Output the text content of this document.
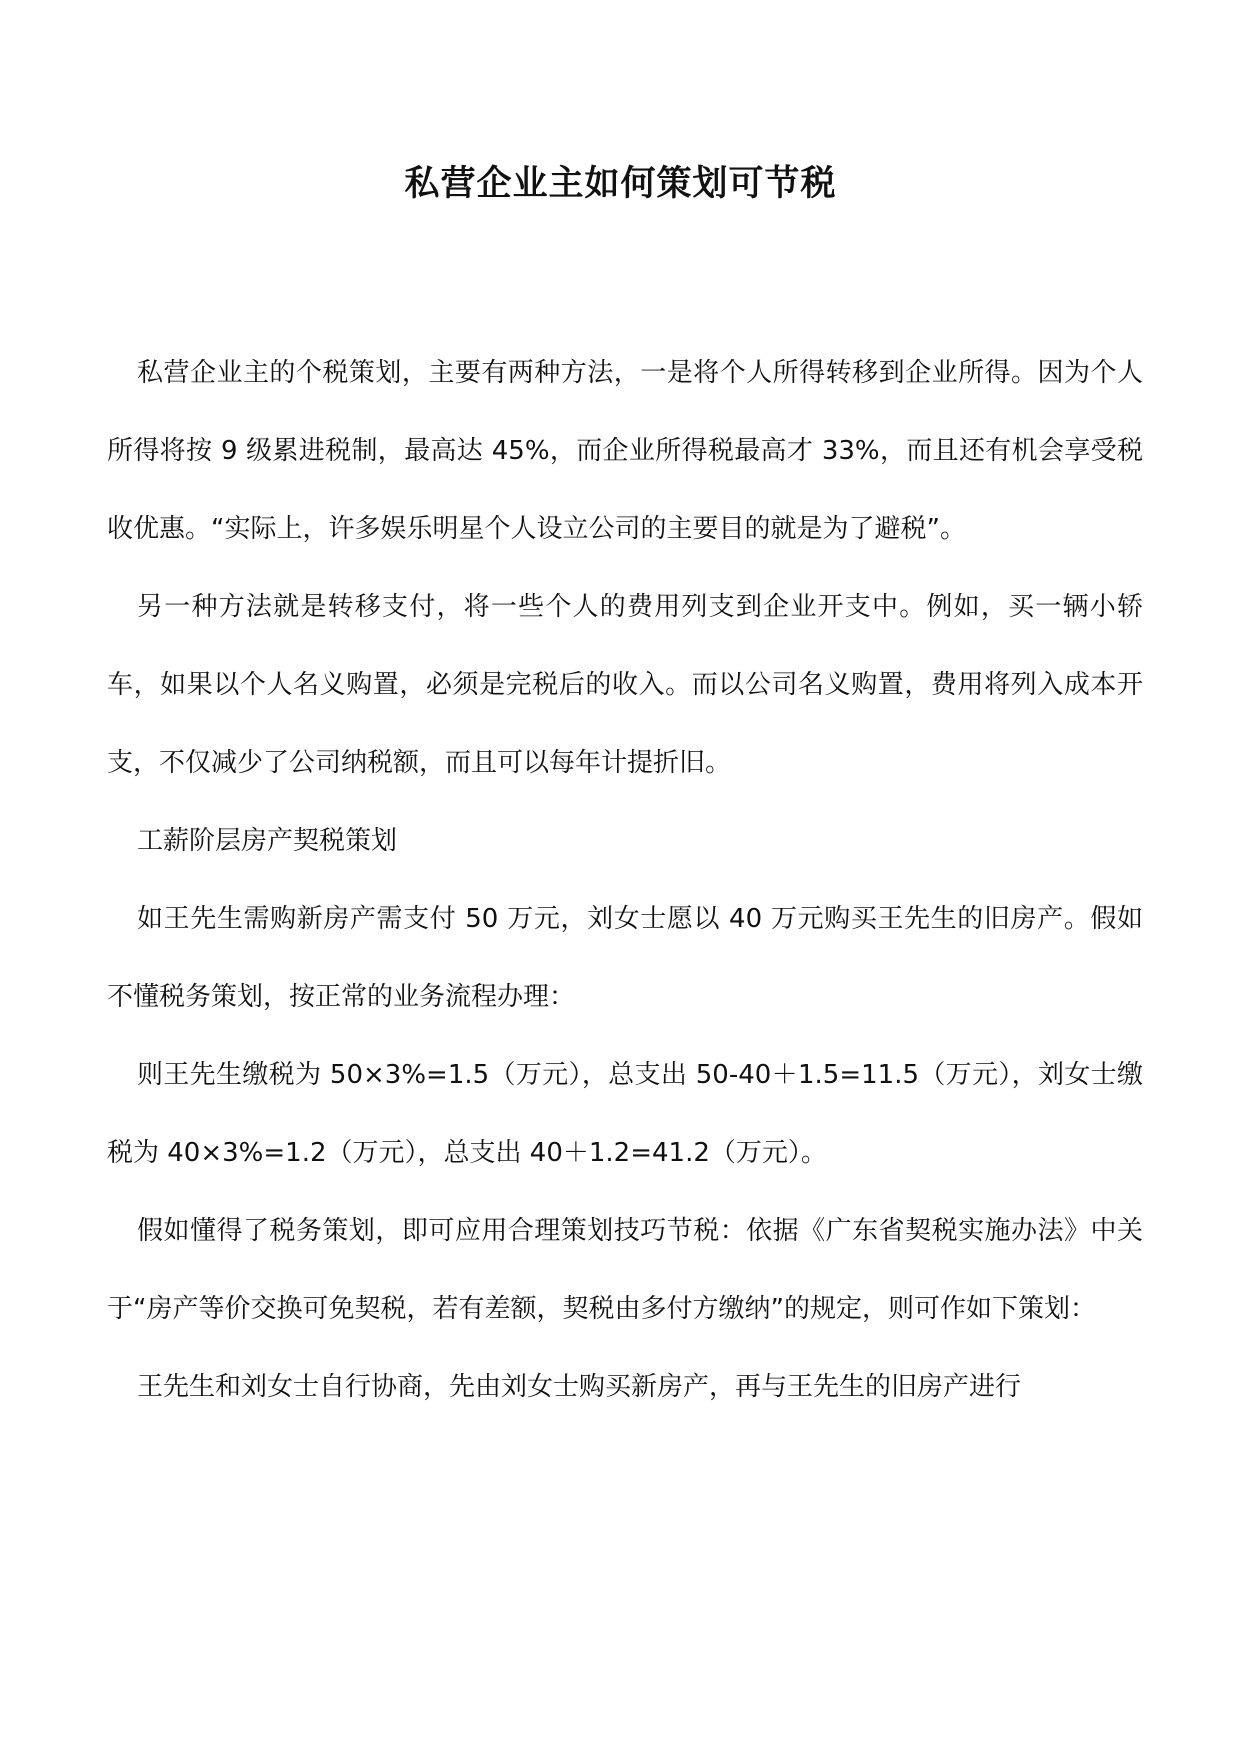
私营企业主如何策划可节税

私营企业主的个税策划，主要有两种方法，一是将个人所得转移到企业所得。因为个人所得将按 9 级累进税制，最高达 45%，而企业所得税最高才 33%，而且还有机会享受税收优惠。“实际上，许多娱乐明星个人设立公司的主要目的就是为了避税”。

另一种方法就是转移支付，将一些个人的费用列支到企业开支中。例如，买一辆小轿车，如果以个人名义购置，必须是完税后的收入。而以公司名义购置，费用将列入成本开支，不仅减少了公司纳税额，而且可以每年计提折旧。

工薪阶层房产契税策划

如王先生需购新房产需支付 50 万元，刘女士愿以 40 万元购买王先生的旧房产。假如不懂税务策划，按正常的业务流程办理：

则王先生缴税为 50×3%=1.5（万元），总支出 50-40＋1.5=11.5（万元），刘女士缴税为 40×3%=1.2（万元），总支出 40＋1.2=41.2（万元）。

假如懂得了税务策划，即可应用合理策划技巧节税：依据《广东省契税实施办法》中关于“房产等价交换可免契税，若有差额，契税由多付方缴纳”的规定，则可作如下策划：

王先生和刘女士自行协商，先由刘女士购买新房产，再与王先生的旧房产进行
